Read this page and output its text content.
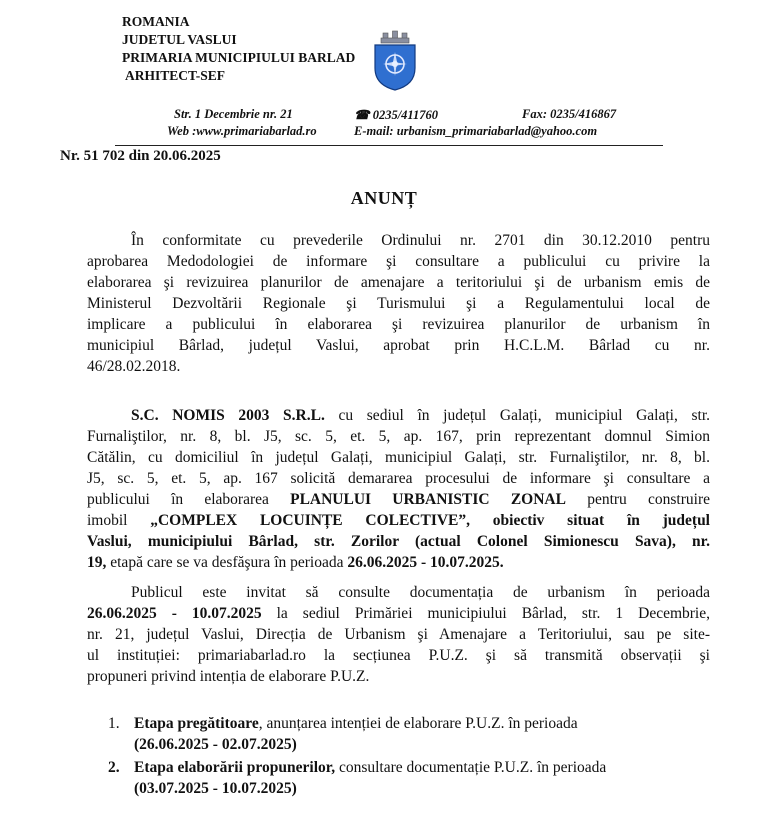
ROMANIA
JUDETUL VASLUI
PRIMARIA MUNICIPIULUI BARLAD
ARHITECT-SEF
Str. 1 Decembrie nr. 21	☎ 0235/411760	Fax: 0235/416867
Web :www.primariabarlad.ro	E-mail: urbanism_primariabarlad@yahoo.com
Nr. 51 702 din 20.06.2025
ANUNȚ
În conformitate cu prevederile Ordinului nr. 2701 din 30.12.2010 pentru
aprobarea Medodologiei de informare şi consultare a publicului cu privire la
elaborarea şi revizuirea planurilor de amenajare a teritoriului şi de urbanism emis de
Ministerul Dezvoltării Regionale şi Turismului şi a Regulamentului local de
implicare a publicului în elaborarea şi revizuirea planurilor de urbanism în
municipiul Bârlad, județul Vaslui, aprobat prin H.C.L.M. Bârlad cu nr.
46/28.02.2018.
S.C. NOMIS 2003 S.R.L. cu sediul în județul Galați, municipiul Galați, str.
Furnaliştilor, nr. 8, bl. J5, sc. 5, et. 5, ap. 167, prin reprezentant domnul Simion
Cătălin, cu domiciliul în județul Galați, municipiul Galați, str. Furnaliştilor, nr. 8, bl.
J5, sc. 5, et. 5, ap. 167 solicită demararea procesului de informare şi consultare a
publicului în elaborarea PLANULUI URBANISTIC ZONAL pentru construire
imobil „COMPLEX LOCUINȚE COLECTIVE”, obiectiv situat în județul
Vaslui, municipiului Bârlad, str. Zorilor (actual Colonel Simionescu Sava), nr.
19, etapă care se va desfăşura în perioada 26.06.2025 - 10.07.2025.
Publicul este invitat să consulte documentația de urbanism în perioada
26.06.2025 - 10.07.2025 la sediul Primăriei municipiului Bârlad, str. 1 Decembrie,
nr. 21, județul Vaslui, Direcția de Urbanism şi Amenajare a Teritoriului, sau pe site-
ul instituției: primariabarlad.ro la secțiunea P.U.Z. şi să transmită observații şi
propuneri privind intenția de elaborare P.U.Z.
1. Etapa pregătitoare, anunțarea intenției de elaborare P.U.Z. în perioada
(26.06.2025 - 02.07.2025)
2. Etapa elaborării propunerilor, consultare documentație P.U.Z. în perioada
(03.07.2025 - 10.07.2025)
